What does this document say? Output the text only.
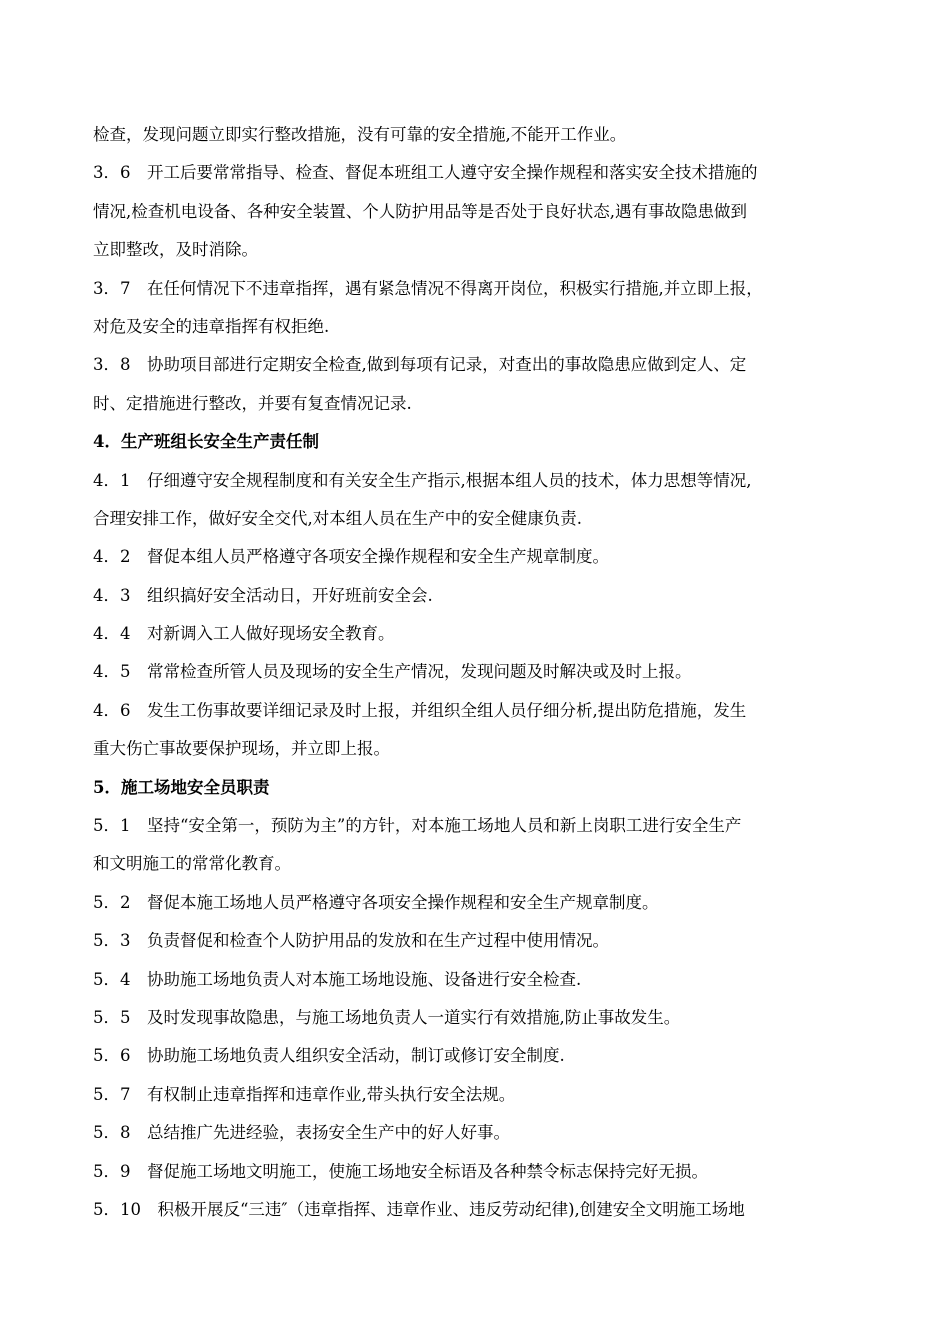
检查，发现问题立即实行整改措施，没有可靠的安全措施,不能开工作业。
3．6　开工后要常常指导、检查、督促本班组工人遵守安全操作规程和落实安全技术措施的
情况,检查机电设备、各种安全装置、个人防护用品等是否处于良好状态,遇有事故隐患做到
立即整改，及时消除。
3．7　在任何情况下不违章指挥，遇有紧急情况不得离开岗位，积极实行措施,并立即上报，
对危及安全的违章指挥有权拒绝.
3．8　协助项目部进行定期安全检查,做到每项有记录，对查出的事故隐患应做到定人、定
时、定措施进行整改，并要有复查情况记录.
4．生产班组长安全生产责任制
4．1　仔细遵守安全规程制度和有关安全生产指示,根据本组人员的技术，体力思想等情况,
合理安排工作，做好安全交代,对本组人员在生产中的安全健康负责.
4．2　督促本组人员严格遵守各项安全操作规程和安全生产规章制度。
4．3　组织搞好安全活动日，开好班前安全会.
4．4　对新调入工人做好现场安全教育。
4．5　常常检查所管人员及现场的安全生产情况，发现问题及时解决或及时上报。
4．6　发生工伤事故要详细记录及时上报，并组织全组人员仔细分析,提出防危措施，发生
重大伤亡事故要保护现场，并立即上报。
5．施工场地安全员职责
5．1　坚持“安全第一，预防为主”的方针，对本施工场地人员和新上岗职工进行安全生产
和文明施工的常常化教育。
5．2　督促本施工场地人员严格遵守各项安全操作规程和安全生产规章制度。
5．3　负责督促和检查个人防护用品的发放和在生产过程中使用情况。
5．4　协助施工场地负责人对本施工场地设施、设备进行安全检查.
5．5　及时发现事故隐患，与施工场地负责人一道实行有效措施,防止事故发生。
5．6　协助施工场地负责人组织安全活动，制订或修订安全制度.
5．7　有权制止违章指挥和违章作业,带头执行安全法规。
5．8　总结推广先进经验，表扬安全生产中的好人好事。
5．9　督促施工场地文明施工，使施工场地安全标语及各种禁令标志保持完好无损。
5．10　积极开展反“三违″（违章指挥、违章作业、违反劳动纪律),创建安全文明施工场地
